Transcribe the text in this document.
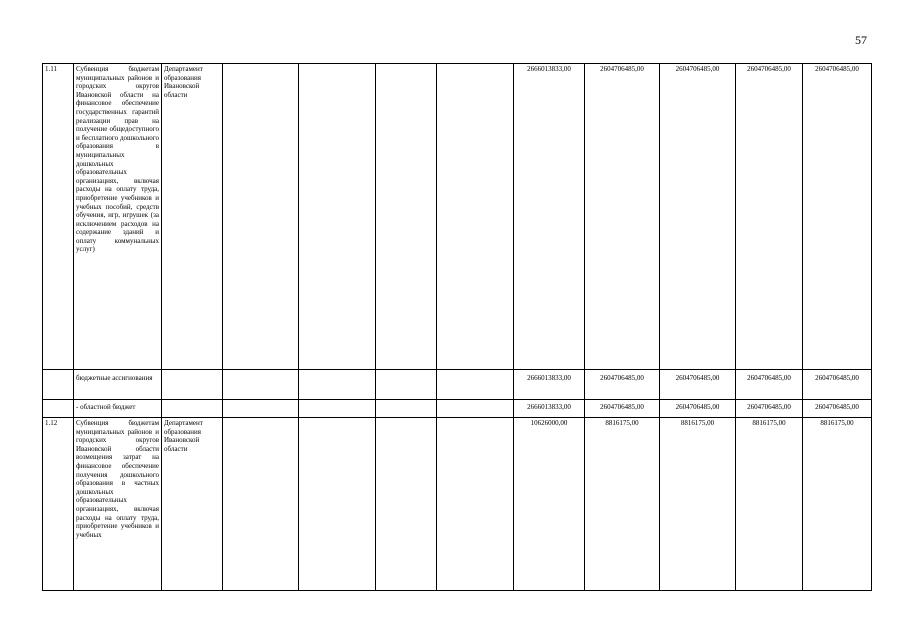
57
1.11	Субвенция бюджетам муниципальных районов и городских округов Ивановской области на финансовое обеспечение государственных гарантий реализации прав на получение общедоступного и бесплатного дошкольного образования в муниципальных дошкольных образовательных организациях, включая расходы на оплату труда, приобретение учебников и учебных пособий, средств обучения, игр, игрушек (за исключением расходов на содержание зданий и оплату коммунальных услуг)	Департамент образования Ивановской области					2666013833,00	2604706485,00	2604706485,00	2604706485,00	2604706485,00
	бюджетные ассигнования						2666013833,00	2604706485,00	2604706485,00	2604706485,00	2604706485,00
	- областной бюджет						2666013833,00	2604706485,00	2604706485,00	2604706485,00	2604706485,00
1.12	Субвенция бюджетам муниципальных районов и городских округов Ивановской области возмещения затрат на финансовое обеспечение получения дошкольного образования в частных дошкольных образовательных организациях, включая расходы на оплату труда, приобретение учебников и учебных	Департамент образования Ивановской области					10626000,00	8816175,00	8816175,00	8816175,00	8816175,00
